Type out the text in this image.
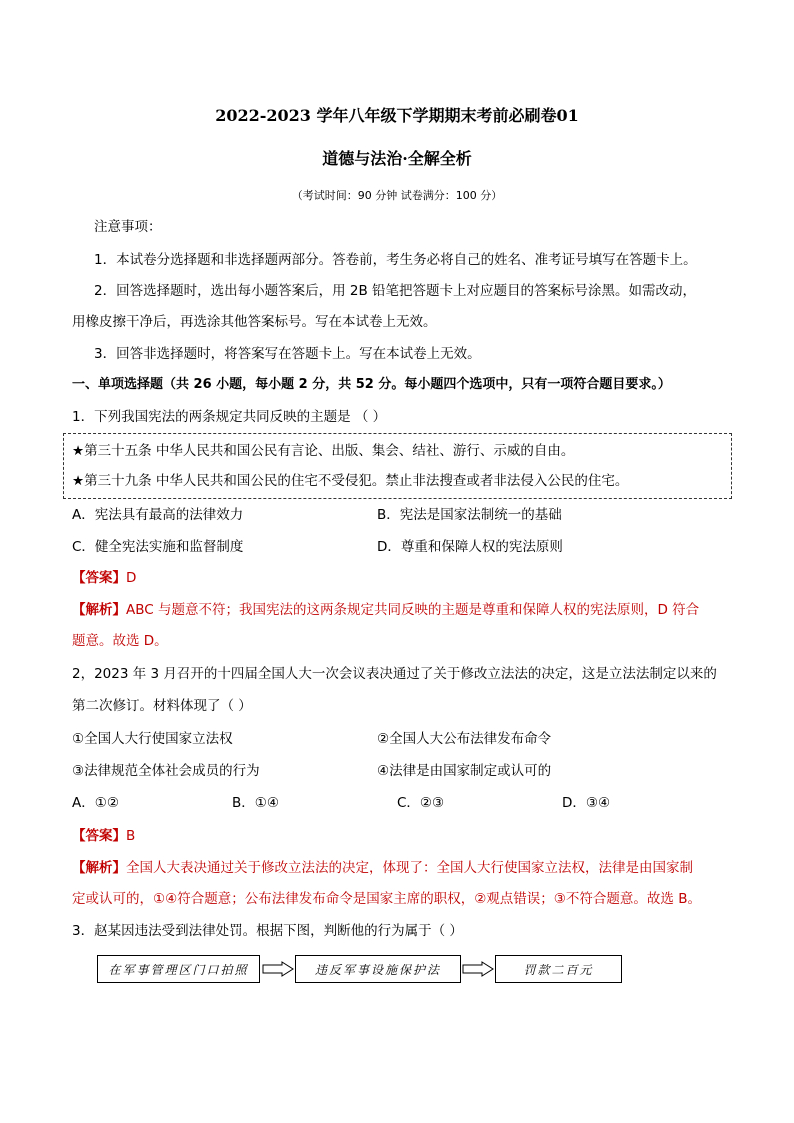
2022-2023 学年八年级下学期期末考前必刷卷01
道德与法治·全解全析
（考试时间：90 分钟 试卷满分：100 分）
注意事项：
1．本试卷分选择题和非选择题两部分。答卷前，考生务必将自己的姓名、准考证号填写在答题卡上。
2．回答选择题时，选出每小题答案后，用 2B 铅笔把答题卡上对应题目的答案标号涂黑。如需改动，
用橡皮擦干净后，再选涂其他答案标号。写在本试卷上无效。
3．回答非选择题时，将答案写在答题卡上。写在本试卷上无效。
一、单项选择题（共 26 小题，每小题 2 分，共 52 分。每小题四个选项中，只有一项符合题目要求。）
1．下列我国宪法的两条规定共同反映的主题是 （ ）
★第三十五条 中华人民共和国公民有言论、出版、集会、结社、游行、示威的自由。
★第三十九条 中华人民共和国公民的住宅不受侵犯。禁止非法搜查或者非法侵入公民的住宅。
A．宪法具有最高的法律效力	B．宪法是国家法制统一的基础
C．健全宪法实施和监督制度	D．尊重和保障人权的宪法原则
【答案】D
【解析】ABC 与题意不符；我国宪法的这两条规定共同反映的主题是尊重和保障人权的宪法原则，D 符合
题意。故选 D。
2，2023 年 3 月召开的十四届全国人大一次会议表决通过了关于修改立法法的决定，这是立法法制定以来的
第二次修订。材料体现了（ ）
①全国人大行使国家立法权	②全国人大公布法律发布命令
③法律规范全体社会成员的行为	④法律是由国家制定或认可的
A．①②	B．①④	C．②③	D．③④
【答案】B
【解析】全国人大表决通过关于修改立法法的决定，体现了：全国人大行使国家立法权，法律是由国家制
定或认可的，①④符合题意；公布法律发布命令是国家主席的职权，②观点错误；③不符合题意。故选 B。
3．赵某因违法受到法律处罚。根据下图，判断他的行为属于（ ）
在军事管理区门口拍照	违反军事设施保护法	罚款二百元
